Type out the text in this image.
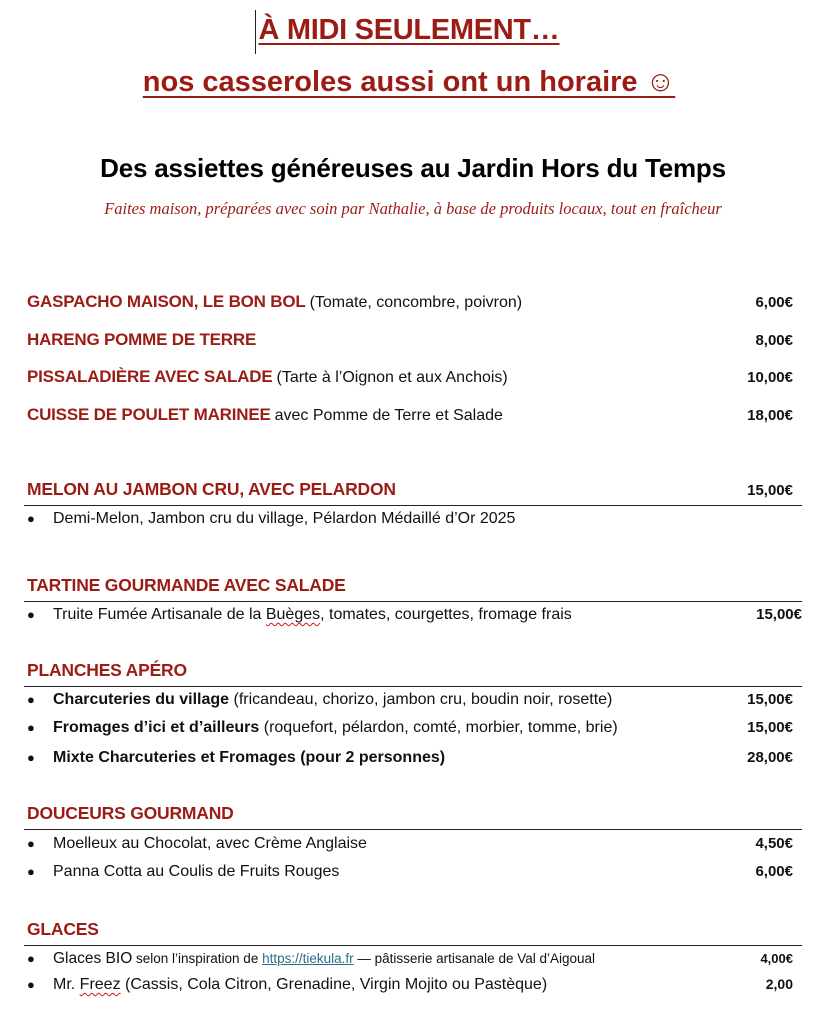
À MIDI SEULEMENT…
nos casseroles aussi ont un horaire ☺
Des assiettes généreuses au Jardin Hors du Temps
Faites maison, préparées avec soin par Nathalie, à base de produits locaux, tout en fraîcheur
GASPACHO MAISON, LE BON BOL (Tomate, concombre, poivron)	6,00€
HARENG POMME DE TERRE	8,00€
PISSALADIÈRE AVEC SALADE (Tarte à l’Oignon et aux Anchois)	10,00€
CUISSE DE POULET MARINEE avec Pomme de Terre et Salade	18,00€
MELON AU JAMBON CRU, AVEC PELARDON	15,00€
●	Demi-Melon, Jambon cru du village, Pélardon Médaillé d’Or 2025
TARTINE GOURMANDE AVEC SALADE
●	Truite Fumée Artisanale de la Buèges, tomates, courgettes, fromage frais	15,00€
PLANCHES APÉRO
●	Charcuteries du village (fricandeau, chorizo, jambon cru, boudin noir, rosette)	15,00€
●	Fromages d’ici et d’ailleurs (roquefort, pélardon, comté, morbier, tomme, brie)	15,00€
●	Mixte Charcuteries et Fromages (pour 2 personnes)	28,00€
DOUCEURS GOURMAND
●	Moelleux au Chocolat, avec Crème Anglaise	4,50€
●	Panna Cotta au Coulis de Fruits Rouges	6,00€
GLACES
●	Glaces BIO selon l’inspiration de https://tiekula.fr — pâtisserie artisanale de Val d’Aigoual	4,00€
●	Mr. Freez (Cassis, Cola Citron, Grenadine, Virgin Mojito ou Pastèque)	2,00
